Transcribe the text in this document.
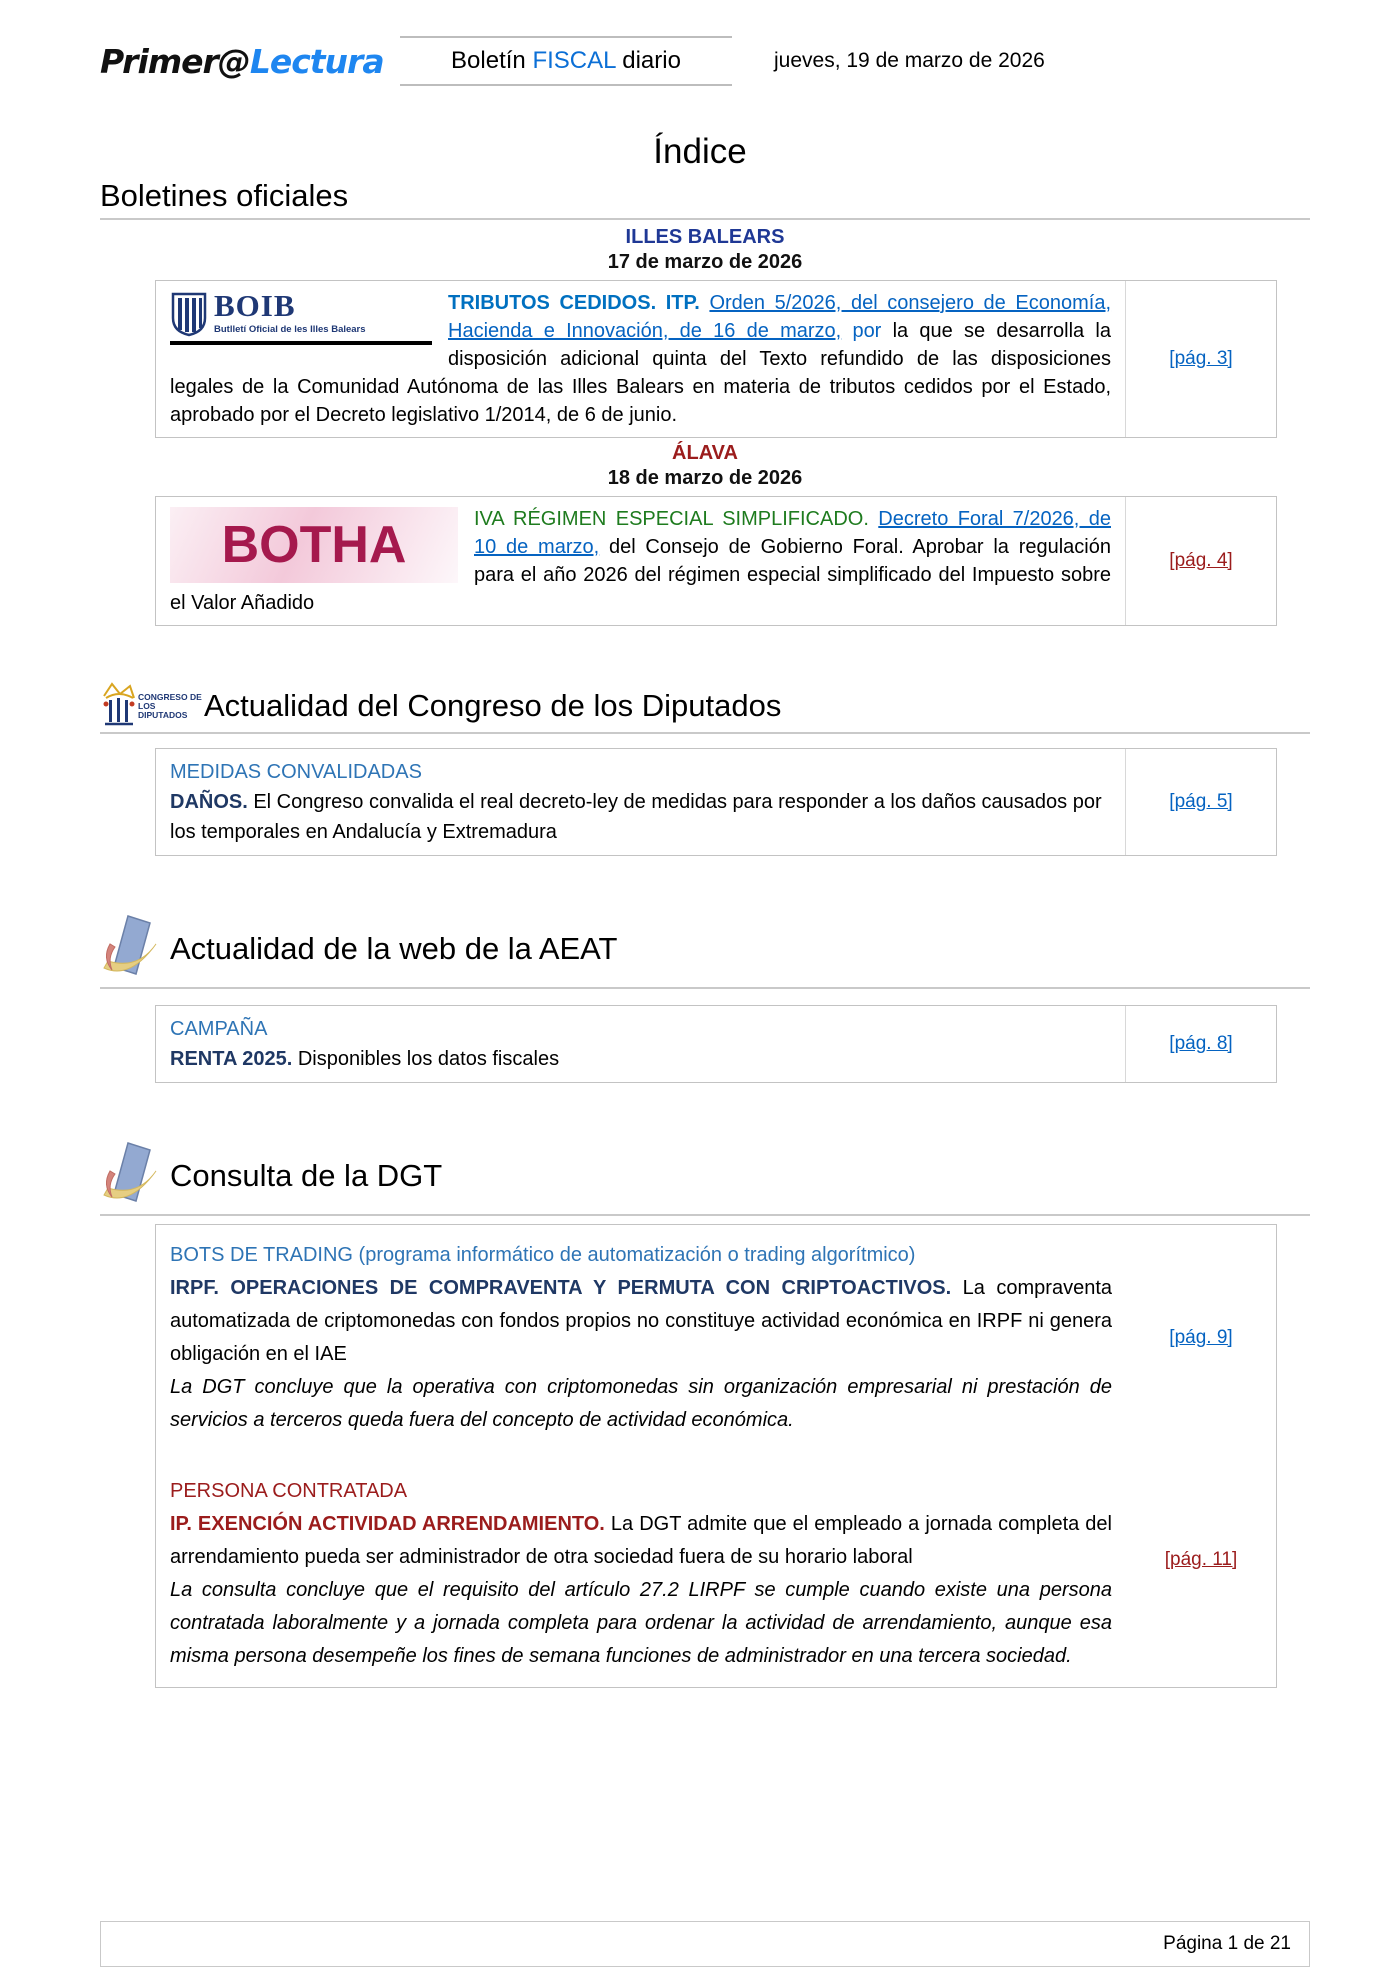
Primer@Lectura	Boletín FISCAL diario	jueves, 19 de marzo de 2026
Índice
Boletines oficiales
ILLES BALEARS
17 de marzo de 2026
BOIB
Butlletí Oficial de les Illes Balears
TRIBUTOS CEDIDOS. ITP. Orden 5/2026, del consejero de Economía, Hacienda e Innovación, de 16 de marzo, por la que se desarrolla la disposición adicional quinta del Texto refundido de las disposiciones legales de la Comunidad Autónoma de las Illes Balears en materia de tributos cedidos por el Estado, aprobado por el Decreto legislativo 1/2014, de 6 de junio.
[pág. 3]
ÁLAVA
18 de marzo de 2026
BOTHA	IVA RÉGIMEN ESPECIAL SIMPLIFICADO. Decreto Foral 7/2026, de 10 de marzo, del Consejo de Gobierno Foral. Aprobar la regulación para el año 2026 del régimen especial simplificado del Impuesto sobre el Valor Añadido
[pág. 4]
CONGRESO DE LOS DIPUTADOS Actualidad del Congreso de los Diputados

MEDIDAS CONVALIDADAS

DAÑOS. El Congreso convalida el real decreto-ley de medidas para responder a los daños causados por los temporales en Andalucía y Extremadura

[pág. 5]
Actualidad de la web de la AEAT

CAMPAÑA

RENTA 2025. Disponibles los datos fiscales

[pág. 8]
Consulta de la DGT

BOTS DE TRADING (programa informático de automatización o trading algorítmico)

IRPF. OPERACIONES DE COMPRAVENTA Y PERMUTA CON CRIPTOACTIVOS. La compraventa automatizada de criptomonedas con fondos propios no constituye actividad económica en IRPF ni genera obligación en el IAE

La DGT concluye que la operativa con criptomonedas sin organización empresarial ni prestación de servicios a terceros queda fuera del concepto de actividad económica.

[pág. 9]

PERSONA CONTRATADA

IP. EXENCIÓN ACTIVIDAD ARRENDAMIENTO. La DGT admite que el empleado a jornada completa del arrendamiento pueda ser administrador de otra sociedad fuera de su horario laboral

La consulta concluye que el requisito del artículo 27.2 LIRPF se cumple cuando existe una persona contratada laboralmente y a jornada completa para ordenar la actividad de arrendamiento, aunque esa misma persona desempeñe los fines de semana funciones de administrador en una tercera sociedad.

[pág. 11]
Página 1 de 21
